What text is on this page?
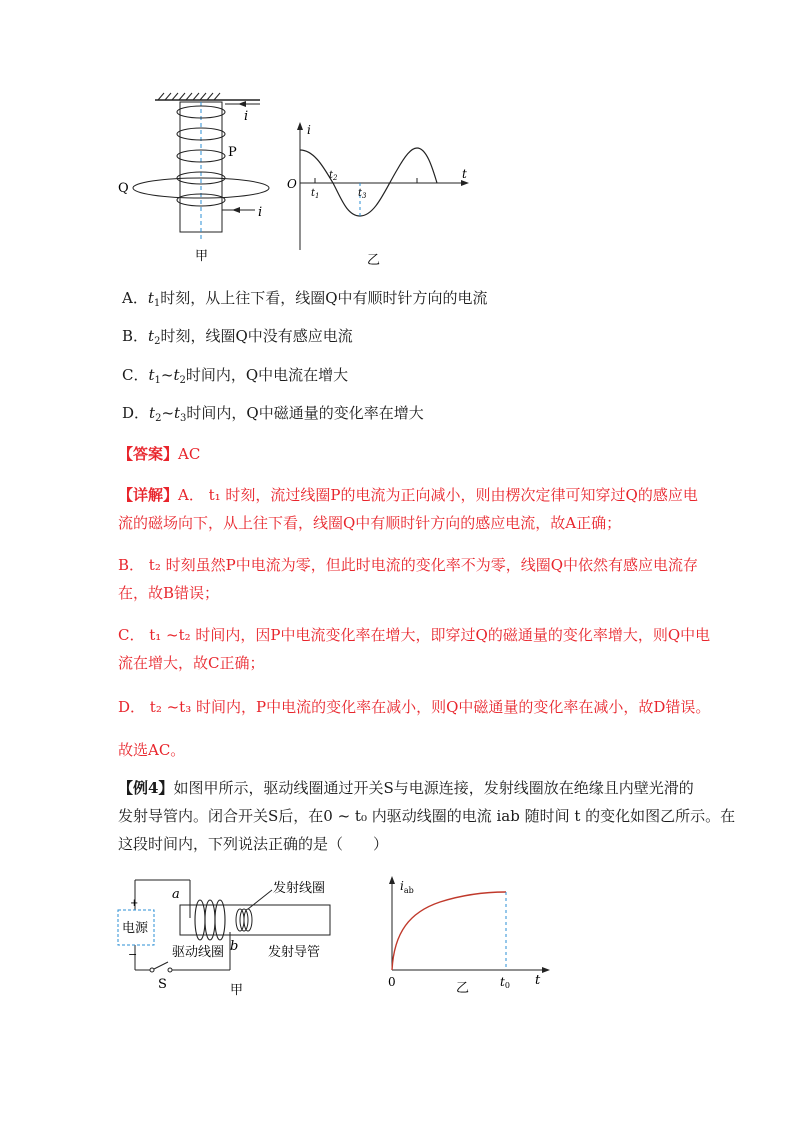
i
P
Q
i
甲
i
t
O
$t_1$
$t_2$
$t_3$
乙
A．$t_1$时刻，从上往下看，线圈Q中有顺时针方向的电流
B．$t_2$时刻，线圈Q中没有感应电流
C．$t_1\sim t_2$时间内，Q中电流在增大
D．$t_2\sim t_3$时间内，Q中磁通量的变化率在增大
【答案】AC
【详解】A． t₁ 时刻，流过线圈P的电流为正向减小，则由楞次定律可知穿过Q的感应电
流的磁场向下，从上往下看，线圈Q中有顺时针方向的感应电流，故A正确；
B． t₂ 时刻虽然P中电流为零，但此时电流的变化率不为零，线圈Q中依然有感应电流存
在，故B错误；
C． t₁ ~t₂ 时间内，因P中电流变化率在增大，即穿过Q的磁通量的变化率增大，则Q中电
流在增大，故C正确；
D． t₂ ~t₃ 时间内，P中电流的变化率在减小，则Q中磁通量的变化率在减小，故D错误。
故选AC。
【例4】如图甲所示，驱动线圈通过开关S与电源连接，发射线圈放在绝缘且内壁光滑的
发射导管内。闭合开关S后，在0 ~ t₀ 内驱动线圈的电流 iab 随时间 t 的变化如图乙所示。在
这段时间内，下列说法正确的是（　　）
电源
+
−
发射线圈
a
b
驱动线圈	发射导管
S	甲
$i_{ab}$
t
0	t0
乙
